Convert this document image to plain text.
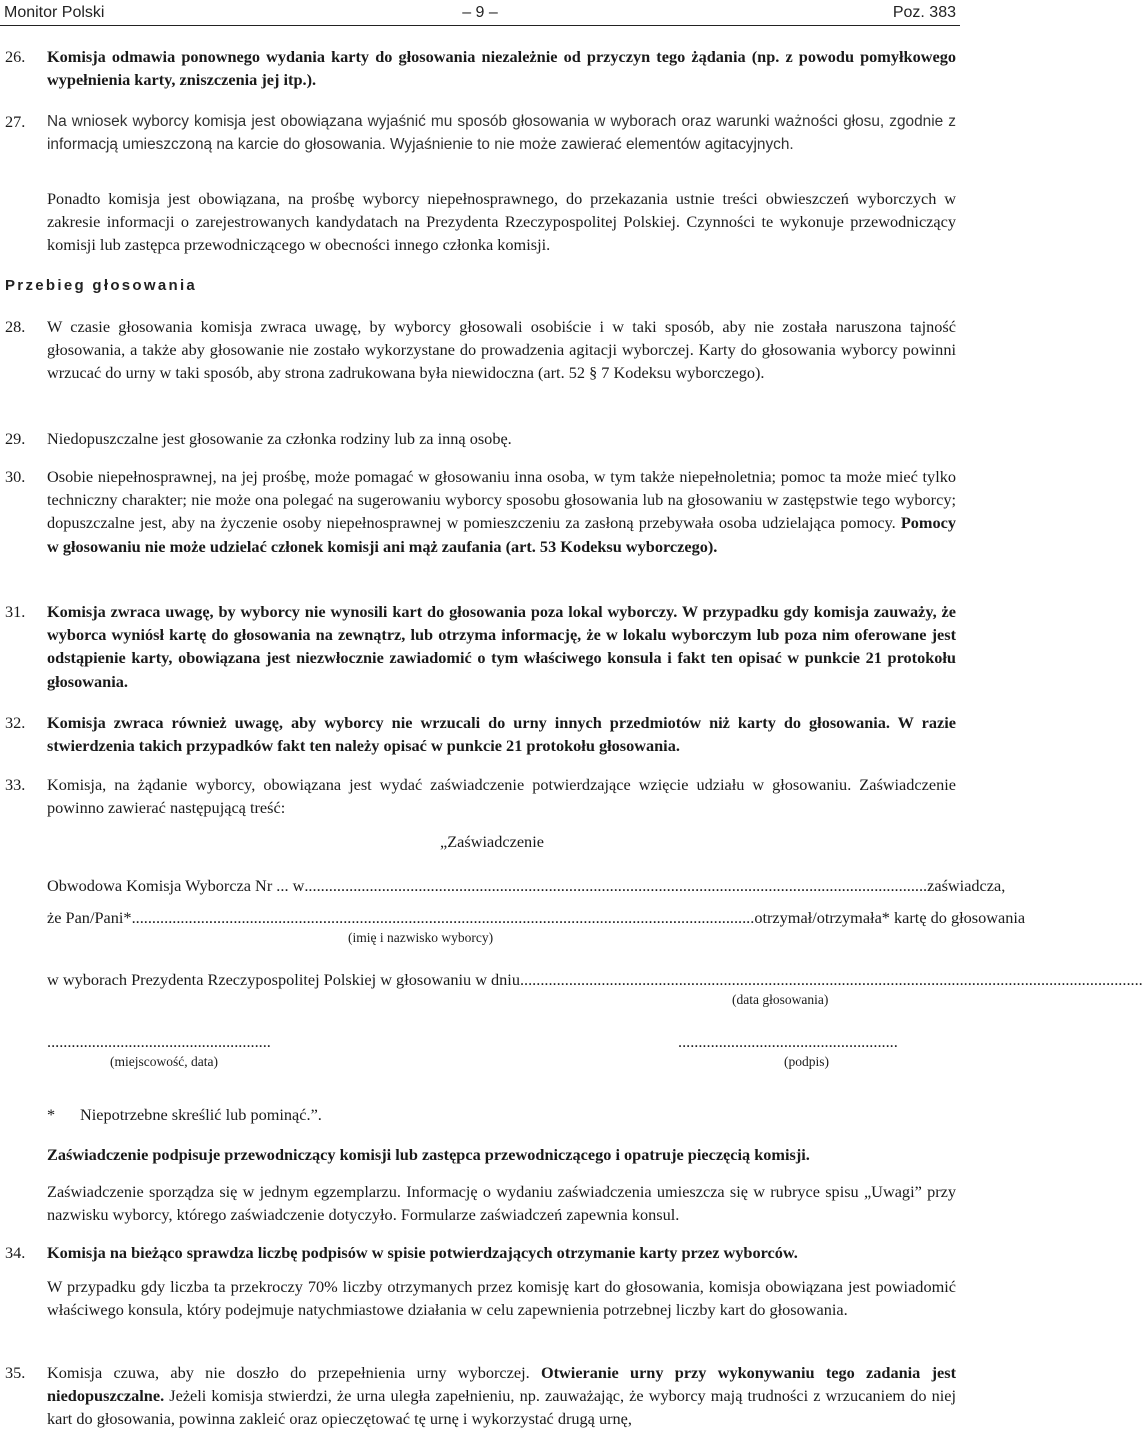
Monitor Polski	– 9 –	Poz. 383
26. Komisja odmawia ponownego wydania karty do głosowania niezależnie od przyczyn tego żądania (np. z powodu pomyłkowego wypełnienia karty, zniszczenia jej itp.).
27. Na wniosek wyborcy komisja jest obowiązana wyjaśnić mu sposób głosowania w wyborach oraz warunki ważności głosu, zgodnie z informacją umieszczoną na karcie do głosowania. Wyjaśnienie to nie może zawierać elementów agitacyjnych.
Ponadto komisja jest obowiązana, na prośbę wyborcy niepełnosprawnego, do przekazania ustnie treści obwieszczeń wyborczych w zakresie informacji o zarejestrowanych kandydatach na Prezydenta Rzeczypospolitej Polskiej. Czynności te wykonuje przewodniczący komisji lub zastępca przewodniczącego w obecności innego członka komisji.
Przebieg głosowania
28. W czasie głosowania komisja zwraca uwagę, by wyborcy głosowali osobiście i w taki sposób, aby nie została naruszona tajność głosowania, a także aby głosowanie nie zostało wykorzystane do prowadzenia agitacji wyborczej. Karty do głosowania wyborcy powinni wrzucać do urny w taki sposób, aby strona zadrukowana była niewidoczna (art. 52 § 7 Kodeksu wyborczego).
29. Niedopuszczalne jest głosowanie za członka rodziny lub za inną osobę.
30. Osobie niepełnosprawnej, na jej prośbę, może pomagać w głosowaniu inna osoba, w tym także niepełnoletnia; pomoc ta może mieć tylko techniczny charakter; nie może ona polegać na sugerowaniu wyborcy sposobu głosowania lub na głosowaniu w zastępstwie tego wyborcy; dopuszczalne jest, aby na życzenie osoby niepełnosprawnej w pomieszczeniu za zasłoną przebywała osoba udzielająca pomocy. Pomocy w głosowaniu nie może udzielać członek komisji ani mąż zaufania (art. 53 Kodeksu wyborczego).
31. Komisja zwraca uwagę, by wyborcy nie wynosili kart do głosowania poza lokal wyborczy. W przypadku gdy komisja zauważy, że wyborca wyniósł kartę do głosowania na zewnątrz, lub otrzyma informację, że w lokalu wyborczym lub poza nim oferowane jest odstąpienie karty, obowiązana jest niezwłocznie zawiadomić o tym właściwego konsula i fakt ten opisać w punkcie 21 protokołu głosowania.
32. Komisja zwraca również uwagę, aby wyborcy nie wrzucali do urny innych przedmiotów niż karty do głosowania. W razie stwierdzenia takich przypadków fakt ten należy opisać w punkcie 21 protokołu głosowania.
33. Komisja, na żądanie wyborcy, obowiązana jest wydać zaświadczenie potwierdzające wzięcie udziału w głosowaniu. Zaświadczenie powinno zawierać następującą treść:
„Zaświadczenie
Obwodowa Komisja Wyborcza Nr ... w ......................................................................................................................................................... zaświadcza,
że Pan/Pani* ......................................................................................................................................................... otrzymał/otrzymała* kartę do głosowania
(imię i nazwisko wyborcy)
w wyborach Prezydenta Rzeczypospolitej Polskiej w głosowaniu w dniu .........................................................................................................................................................
(data głosowania)
.......................................................
(miejscowość, data)
......................................................
(podpis)
* Niepotrzebne skreślić lub pominąć.”.
Zaświadczenie podpisuje przewodniczący komisji lub zastępca przewodniczącego i opatruje pieczęcią komisji.
Zaświadczenie sporządza się w jednym egzemplarzu. Informację o wydaniu zaświadczenia umieszcza się w rubryce spisu „Uwagi” przy nazwisku wyborcy, którego zaświadczenie dotyczyło. Formularze zaświadczeń zapewnia konsul.
34. Komisja na bieżąco sprawdza liczbę podpisów w spisie potwierdzających otrzymanie karty przez wyborców.
W przypadku gdy liczba ta przekroczy 70% liczby otrzymanych przez komisję kart do głosowania, komisja obowiązana jest powiadomić właściwego konsula, który podejmuje natychmiastowe działania w celu zapewnienia potrzebnej liczby kart do głosowania.
35. Komisja czuwa, aby nie doszło do przepełnienia urny wyborczej. Otwieranie urny przy wykonywaniu tego zadania jest niedopuszczalne. Jeżeli komisja stwierdzi, że urna uległa zapełnieniu, np. zauważając, że wyborcy mają trudności z wrzucaniem do niej kart do głosowania, powinna zakleić oraz opieczętować tę urnę i wykorzystać drugą urnę,
